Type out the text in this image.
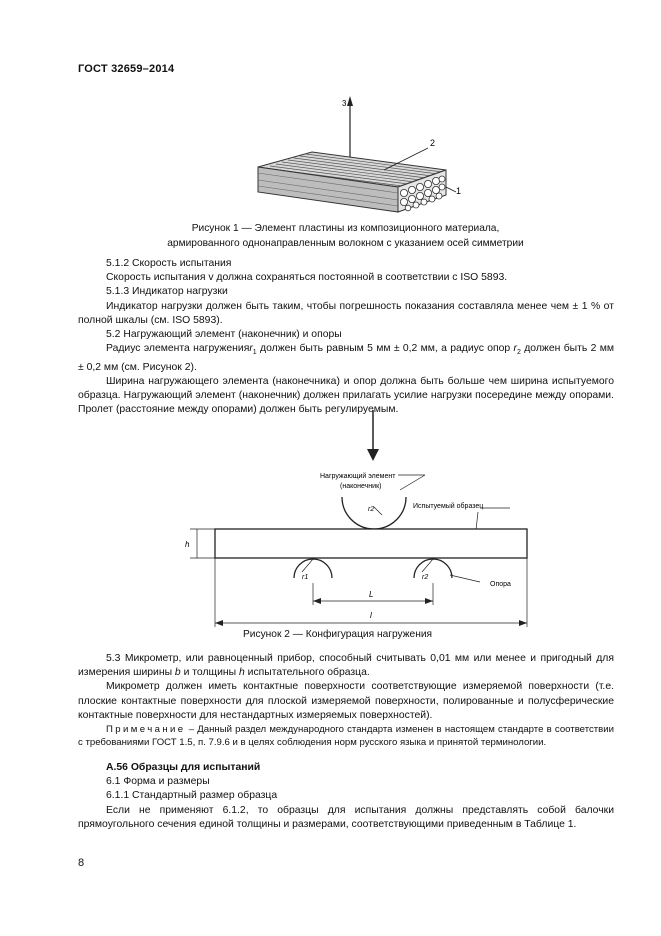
ГОСТ 32659–2014
3
2
1
Рисунок 1 — Элемент пластины из композиционного материала,
армированного однонаправленным волокном с указанием осей симметрии

5.1.2 Скорость испытания

Скорость испытания v должна сохраняться постоянной в соответствии с ISO 5893.

5.1.3 Индикатор нагрузки

Индикатор нагрузки должен быть таким, чтобы погрешность показания составляла менее чем ± 1 % от полной шкалы (см. ISO 5893).

5.2 Нагружающий элемент (наконечник) и опоры

Радиус элемента нагруженияr$_1$ должен быть равным 5 мм ± 0,2 мм, а радиус опор $r_2$ должен быть 2 мм ± 0,2 мм (см. Рисунок 2).

Ширина нагружающего элемента (наконечника) и опор должна быть больше чем ширина испытуемого образца. Нагружающий элемент (наконечник) должен прилагать усилие нагрузки посередине между опорами. Пролет (расстояние между опорами) должен быть регулируемым.

r2
Нагружающий элемент
(наконечник)
Испытуемый образец
h
r1	r2
Опора
L
l
Рисунок 2 — Конфигурация нагружения

5.3 Микрометр, или равноценный прибор, способный считывать 0,01 мм или менее и пригодный для измерения ширины b и толщины h испытательного образца.

Микрометр должен иметь контактные поверхности соответствующие измеряемой поверхности (т.е. плоские контактные поверхности для плоской измеряемой поверхности, полированные и полусферические контактные поверхности для нестандартных измеряемых поверхностей).

Примечание – Данный раздел международного стандарта изменен в настоящем стандарте в соответствии с требованиями ГОСТ 1.5, п. 7.9.6 и в целях соблюдения норм русского языка и принятой терминологии.

А.56 Образцы для испытаний

6.1 Форма и размеры

6.1.1 Стандартный размер образца

Если не применяют 6.1.2, то образцы для испытания должны представлять собой балочки прямоугольного сечения единой толщины и размерами, соответствующими приведенным в Таблице 1.

8
